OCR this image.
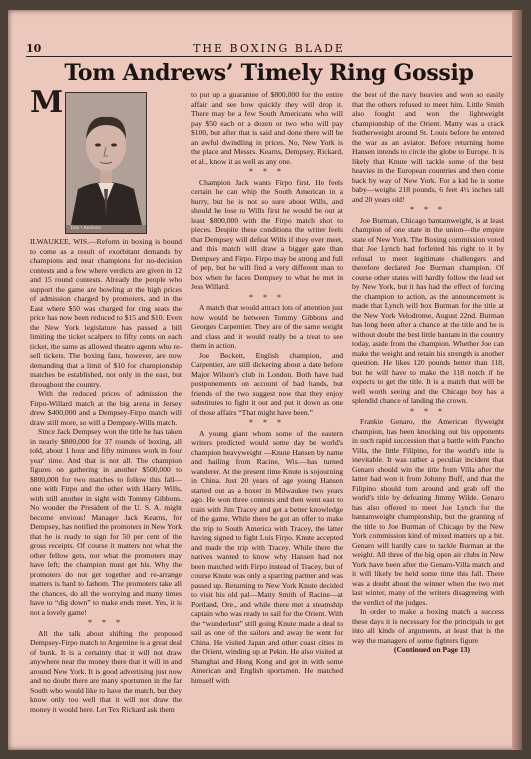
10	THE BOXING BLADE
Tom Andrews’ Timely Ring Gossip

M
Tom • Andrews
ILWAUKEE, WIS.—Reform in boxing is bound to come as a result of exorbitant demands by champions and near champions for no-decision contests and a few where verdicts are given in 12 and 15 round contests. Already the people who support the game are howling at the high prices of admission charged by promoters, and in the East where $50 was charged for ring seats the price has now been reduced to $15 and $10. Even the New York legislature has passed a bill limiting the ticket scalpers to fifty cents on each ticket, the same as allowed theatre agents who re-sell tickets. The boxing fans, however, are now demanding that a limit of $10 for championship matches be established, not only in the east, but throughout the country.

With the reduced prices of admission the Firpo-Willard match at the big arena in Jersey drew $400,000 and a Dempsey-Firpo match will draw still more, so will a Dempsey-Wills match.

Since Jack Dempsey won the title he has taken in nearly $800,000 for 37 rounds of boxing, all told, about 1 hour and fifty minutes work in four year' time. And that is not all. The champion figures on gathering in another $500,000 to $800,000 for two matches to follow this fall—one with Firpo and the other with Harry Wills, with still another in sight with Tommy Gibbons. No wonder the President of the U. S. A. might become envious! Manager Jack Kearns, for Dempsey, has notified the promoters in New York that he is ready to sign for 50 per cent of the gross receipts. Of course it matters not what the other fellow gets, nor what the promoters may have left; the champion must get his. Why the promoters do not get together and re-arrange matters is hard to fathom. The promoters take all the chances, do all the worrying and many times have to “dig down” to make ends meet. Yes, it is not a lovely game!

* * *

All the talk about shifting the proposed Dempsey-Firpo match to Argentine is a great deal of bunk. It is a certainty that it will not draw anywhere near the money there that it will in and around New York. It is good advertising just now and no doubt there are many sportsmen in the far South who would like to have the match, but they know only too well that it will not draw the money it would here. Let Tex Rickard ask them

to put up a guarantee of $800,000 for the entire affair and see how quickly they will drop it. There may be a few South Americans who will pay $50 each or a dozen or two who will pay $100, but after that is said and done there will be an awful dwindling in prices. No, New York is the place and Messrs. Kearns, Dempsey, Rickard, et al., know it as well as any one.

* * *

Champion Jack wants Firpo first. He feels certain he can whip the South American in a hurry, but he is not so sure about Wills, and should he lose to Wills first he would be out at least $800,000 with the Firpo match shot to pieces. Despite these conditions the writer feels that Dempsey will defeat Wills if they ever meet, and this match will draw a bigger gate than Dempsey and Firpo. Firpo may be strong and full of pep, but he will find a very different man to box when he faces Dempsey to what he met in Jess Willard.

* * *

A match that would attract lots of attention just now would be between Tommy Gibbons and Georges Carpentier. They are of the same weight and class and it would really be a treat to see them in action.

Joe Beckett, English champion, and Carpentier, are still dickering about a date before Major Wilson's club in London. Both have had postponements on account of bad hands, but friends of the two suggest now that they enjoy substitutes to fight it out and put it down as one of those affairs “That might have been.”

* * *

A young giant whom some of the eastern writers predicted would some day be world's champion heavyweight —Knute Hansen by name and hailing from Racine, Wis.—has turned wanderer. At the present time Knute is sojourning in China. Just 20 years of age young Hansen started out as a boxer in Milwaukee two years ago. He won three contests and then went east to train with Jim Tracey and get a better knowledge of the game. While there he got an offer to make the trip to South America with Tracey, the latter having signed to fight Luis Firpo. Knute accepted and made the trip with Tracey. While there the natives wanted to know why Hansen had not been matched with Firpo instead of Tracey, but of course Knute was only a sparring partner and was passed up. Returning to New York Knute decided to visit his old pal—Matty Smith of Racine—at Portland, Ore., and while there met a steamship captain who was ready to sail for the Orient. With the “wunderlust” still going Knute made a deal to sail as one of the sailors and away he went for China. He visited Japan and other coast cities in the Orient, winding up at Pekin. He also visited at Shanghai and Hong Kong and got in with some American and English sportsmen. He matched himself with

the best of the navy heavies and won so easily that the others refused to meet him. Little Smith also fought and won the lightweight championship of the Orient. Matty was a crack featherweight around St. Louis before he entered the war as an aviator. Before returning home Hansen intends to circle the globe to Europe. It is likely that Knute will tackle some of the best heavies in the European countries and then come back by way of New York. For a kid he is some baby—weighs 218 pounds, 6 feet 4½ inches tall and 20 years old!

* * *

Joe Burman, Chicago bantamweight, is at least champion of one state in the union—the empire state of New York. The Boxing commission voted that Joe Lynch had forfeited his right to it by refusal to meet legitimate challengers and therefore declared Joe Burman champion. Of course other states will hardly follow the lead set by New York, but it has had the effect of forcing the champion to action, as the announcement is made that Lynch will box Burman for the title at the New York Velodrome, August 22nd. Burman has long been after a chance at the title and he is without doubt the best little bantam in the country today, aside from the champion. Whether Joe can make the weight and retain his strength is another question. He likes 120 pounds better than 118, but he will have to make the 118 notch if he expects to get the title. It is a match that will be well worth seeing and the Chicago boy has a splendid chance of landing the crown.

* * *

Frankie Genaro, the American flyweight champion, has been knocking out his opponents in such rapid succession that a battle with Pancho Villa, the little Filipino, for the world's title is inevitable. It was rather a peculiar incident that Genaro should win the title from Villa after the latter had won it from Johnny Buff, and that the Filipino should turn around and grab off the world's title by defeating Jimmy Wilde. Genaro has also offered to meet Joe Lynch for the bantamweight championship, but the granting of the title to Joe Burman of Chicago by the New York commission kind of mixed matters up a bit. Genaro will hardly care to tackle Burman at the weight. All three of the big open air clubs in New York have been after the Genaro-Villa match and it will likely be held some time this fall. There was a doubt about the winner when the two met last winter, many of the writers disagreeing with the verdict of the judges.

In order to make a boxing match a success these days it is necessary for the principals to get into all kinds of arguments, at least that is the way the managers of some fighters figure

(Continued on Page 13)
